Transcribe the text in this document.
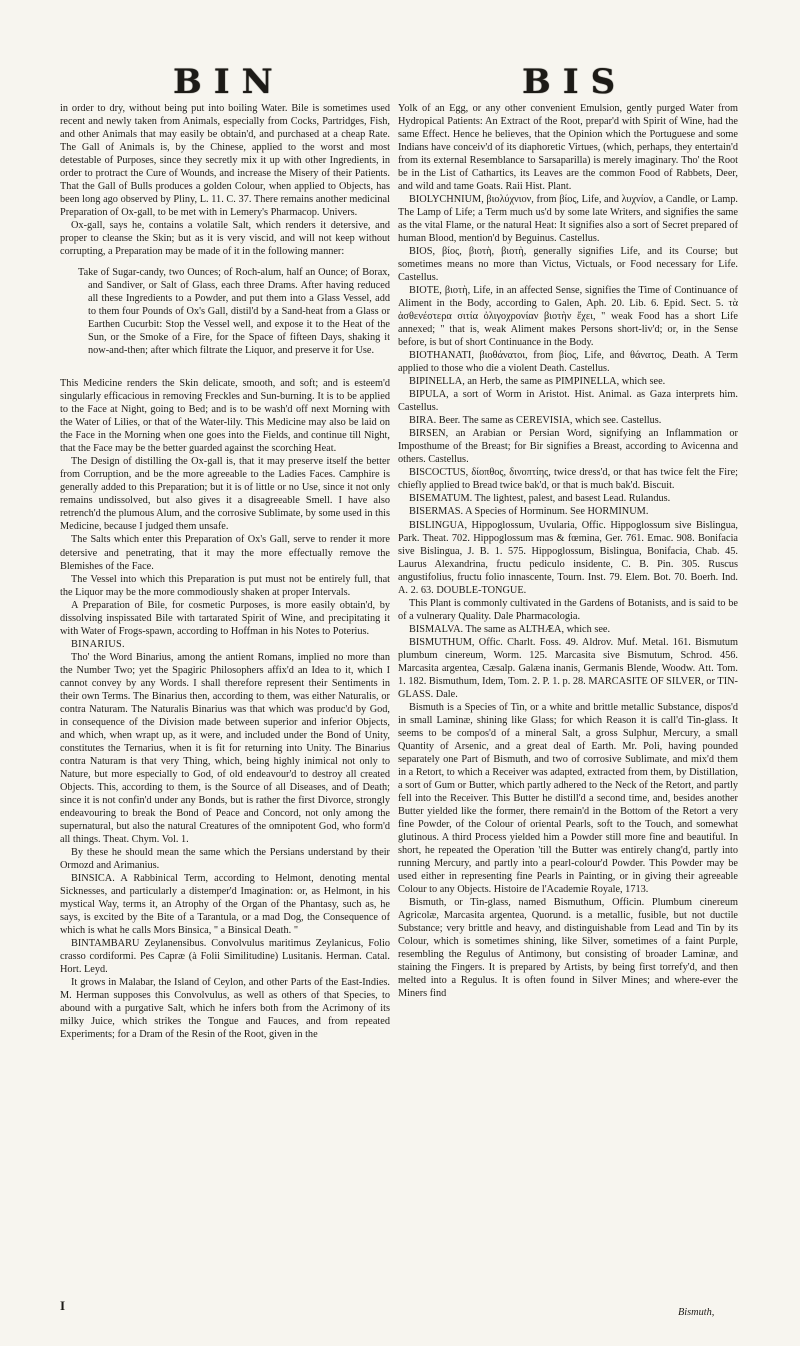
BIN	BIS

in order to dry, without being put into boiling Water. Bile is sometimes used recent and newly taken from Animals, especially from Cocks, Partridges, Fish, and other Animals that may easily be obtain'd, and purchased at a cheap Rate. The Gall of Animals is, by the Chinese, applied to the worst and most detestable of Purposes, since they secretly mix it up with other Ingredients, in order to protract the Cure of Wounds, and increase the Misery of their Patients. That the Gall of Bulls produces a golden Colour, when applied to Objects, has been long ago observed by Pliny, L. 11. C. 37. There remains another medicinal Preparation of Ox-gall, to be met with in Lemery's Pharmacop. Univers.

Ox-gall, says he, contains a volatile Salt, which renders it detersive, and proper to cleanse the Skin; but as it is very viscid, and will not keep without corrupting, a Preparation may be made of it in the following manner:

Take of Sugar-candy, two Ounces; of Roch-alum, half an Ounce; of Borax, and Sandiver, or Salt of Glass, each three Drams. After having reduced all these Ingredients to a Powder, and put them into a Glass Vessel, add to them four Pounds of Ox's Gall, distil'd by a Sand-heat from a Glass or Earthen Cucurbit: Stop the Vessel well, and expose it to the Heat of the Sun, or the Smoke of a Fire, for the Space of fifteen Days, shaking it now-and-then; after which filtrate the Liquor, and preserve it for Use.

This Medicine renders the Skin delicate, smooth, and soft; and is esteem'd singularly efficacious in removing Freckles and Sun-burning. It is to be applied to the Face at Night, going to Bed; and is to be wash'd off next Morning with the Water of Lilies, or that of the Water-lily. This Medicine may also be laid on the Face in the Morning when one goes into the Fields, and continue till Night, that the Face may be the better guarded against the scorching Heat.

The Design of distilling the Ox-gall is, that it may preserve itself the better from Corruption, and be the more agreeable to the Ladies Faces. Camphire is generally added to this Preparation; but it is of little or no Use, since it not only remains undissolved, but also gives it a disagreeable Smell. I have also retrench'd the plumous Alum, and the corrosive Sublimate, by some used in this Medicine, because I judged them unsafe.

The Salts which enter this Preparation of Ox's Gall, serve to render it more detersive and penetrating, that it may the more effectually remove the Blemishes of the Face.

The Vessel into which this Preparation is put must not be entirely full, that the Liquor may be the more commodiously shaken at proper Intervals.

A Preparation of Bile, for cosmetic Purposes, is more easily obtain'd, by dissolving inspissated Bile with tartarated Spirit of Wine, and precipitating it with Water of Frogs-spawn, according to Hoffman in his Notes to Poterius.

BINARIUS.

Tho' the Word Binarius, among the antient Romans, implied no more than the Number Two; yet the Spagiric Philosophers affix'd an Idea to it, which I cannot convey by any Words. I shall therefore represent their Sentiments in their own Terms. The Binarius then, according to them, was either Naturalis, or contra Naturam. The Naturalis Binarius was that which was produc'd by God, in consequence of the Division made between superior and inferior Objects, and which, when wrapt up, as it were, and included under the Bond of Unity, constitutes the Ternarius, when it is fit for returning into Unity. The Binarius contra Naturam is that very Thing, which, being highly inimical not only to Nature, but more especially to God, of old endeavour'd to destroy all created Objects. This, according to them, is the Source of all Diseases, and of Death; since it is not confin'd under any Bonds, but is rather the first Divorce, strongly endeavouring to break the Bond of Peace and Concord, not only among the supernatural, but also the natural Creatures of the omnipotent God, who form'd all things. Theat. Chym. Vol. 1.

By these he should mean the same which the Persians understand by their Ormozd and Arimanius.

BINSICA. A Rabbinical Term, according to Helmont, denoting mental Sicknesses, and particularly a distemper'd Imagination: or, as Helmont, in his mystical Way, terms it, an Atrophy of the Organ of the Phantasy, such as, he says, is excited by the Bite of a Tarantula, or a mad Dog, the Consequence of which is what he calls Mors Binsica, " a Binsical Death. "

BINTAMBARU Zeylanensibus. Convolvulus maritimus Zeylanicus, Folio crasso cordiformi. Pes Capræ (à Folii Similitudine) Lusitanis. Herman. Catal. Hort. Leyd.

It grows in Malabar, the Island of Ceylon, and other Parts of the East-Indies. M. Herman supposes this Convolvulus, as well as others of that Species, to abound with a purgative Salt, which he infers both from the Acrimony of its milky Juice, which strikes the Tongue and Fauces, and from repeated Experiments; for a Dram of the Resin of the Root, given in the

Yolk of an Egg, or any other convenient Emulsion, gently purged Water from Hydropical Patients: An Extract of the Root, prepar'd with Spirit of Wine, had the same Effect. Hence he believes, that the Opinion which the Portuguese and some Indians have conceiv'd of its diaphoretic Virtues, (which, perhaps, they entertain'd from its external Resemblance to Sarsaparilla) is merely imaginary. Tho' the Root be in the List of Cathartics, its Leaves are the common Food of Rabbets, Deer, and wild and tame Goats. Raii Hist. Plant.

BIOLYCHNIUM, βιολύχνιον, from βίος, Life, and λυχνίον, a Candle, or Lamp. The Lamp of Life; a Term much us'd by some late Writers, and signifies the same as the vital Flame, or the natural Heat: It signifies also a sort of Secret prepared of human Blood, mention'd by Beguinus. Castellus.

BIOS, βίος, βιοτὴ, βιοτὴ, generally signifies Life, and its Course; but sometimes means no more than Victus, Victuals, or Food necessary for Life. Castellus.

BIOTE, βιοτὴ, Life, in an affected Sense, signifies the Time of Continuance of Aliment in the Body, according to Galen, Aph. 20. Lib. 6. Epid. Sect. 5. τὰ ἀσθενέστερα σιτία ὀλιγοχρονίαν βιοτὴν ἔχει, " weak Food has a short Life annexed; " that is, weak Aliment makes Persons short-liv'd; or, in the Sense before, is but of short Continuance in the Body.

BIOTHANATI, βιοθάνατοι, from βίος, Life, and θάνατος, Death. A Term applied to those who die a violent Death. Castellus.

BIPINELLA, an Herb, the same as PIMPINELLA, which see.

BIPULA, a sort of Worm in Aristot. Hist. Animal. as Gaza interprets him. Castellus.

BIRA. Beer. The same as CEREVISIA, which see. Castellus.

BIRSEN, an Arabian or Persian Word, signifying an Inflammation or Imposthume of the Breast; for Bir signifies a Breast, according to Avicenna and others. Castellus.

BISCOCTUS, δίοπθος, δινοπτίης, twice dress'd, or that has twice felt the Fire; chiefly applied to Bread twice bak'd, or that is much bak'd. Biscuit.

BISEMATUM. The lightest, palest, and basest Lead. Rulandus.

BISERMAS. A Species of Horminum. See HORMINUM.

BISLINGUA, Hippoglossum, Uvularia, Offic. Hippoglossum sive Bislingua, Park. Theat. 702. Hippoglossum mas & fœmina, Ger. 761. Emac. 908. Bonifacia sive Bislingua, J. B. 1. 575. Hippoglossum, Bislingua, Bonifacia, Chab. 45. Laurus Alexandrina, fructu pediculo insidente, C. B. Pin. 305. Ruscus angustifolius, fructu folio innascente, Tourn. Inst. 79. Elem. Bot. 70. Boerh. Ind. A. 2. 63. DOUBLE-TONGUE.

This Plant is commonly cultivated in the Gardens of Botanists, and is said to be of a vulnerary Quality. Dale Pharmacologia.

BISMALVA. The same as ALTHÆA, which see.

BISMUTHUM, Offic. Charlt. Foss. 49. Aldrov. Muf. Metal. 161. Bismutum plumbum cinereum, Worm. 125. Marcasita sive Bismutum, Schrod. 456. Marcasita argentea, Cæsalp. Galæna inanis, Germanis Blende, Woodw. Att. Tom. 1. 182. Bismuthum, Idem, Tom. 2. P. 1. p. 28. MARCASITE OF SILVER, or TIN-GLASS. Dale.

Bismuth is a Species of Tin, or a white and brittle metallic Substance, dispos'd in small Laminæ, shining like Glass; for which Reason it is call'd Tin-glass. It seems to be compos'd of a mineral Salt, a gross Sulphur, Mercury, a small Quantity of Arsenic, and a great deal of Earth. Mr. Poli, having pounded separately one Part of Bismuth, and two of corrosive Sublimate, and mix'd them in a Retort, to which a Receiver was adapted, extracted from them, by Distillation, a sort of Gum or Butter, which partly adhered to the Neck of the Retort, and partly fell into the Receiver. This Butter he distill'd a second time, and, besides another Butter yielded like the former, there remain'd in the Bottom of the Retort a very fine Powder, of the Colour of oriental Pearls, soft to the Touch, and somewhat glutinous. A third Process yielded him a Powder still more fine and beautiful. In short, he repeated the Operation 'till the Butter was entirely chang'd, partly into running Mercury, and partly into a pearl-colour'd Powder. This Powder may be used either in representing fine Pearls in Painting, or in giving their agreeable Colour to any Objects. Histoire de l'Academie Royale, 1713.

Bismuth, or Tin-glass, named Bismuthum, Officin. Plumbum cinereum Agricolæ, Marcasita argentea, Quorund. is a metallic, fusible, but not ductile Substance; very brittle and heavy, and distinguishable from Lead and Tin by its Colour, which is sometimes shining, like Silver, sometimes of a faint Purple, resembling the Regulus of Antimony, but consisting of broader Laminæ, and staining the Fingers. It is prepared by Artists, by being first torrefy'd, and then melted into a Regulus. It is often found in Silver Mines; and where-ever the Miners find

I	Bismuth,
